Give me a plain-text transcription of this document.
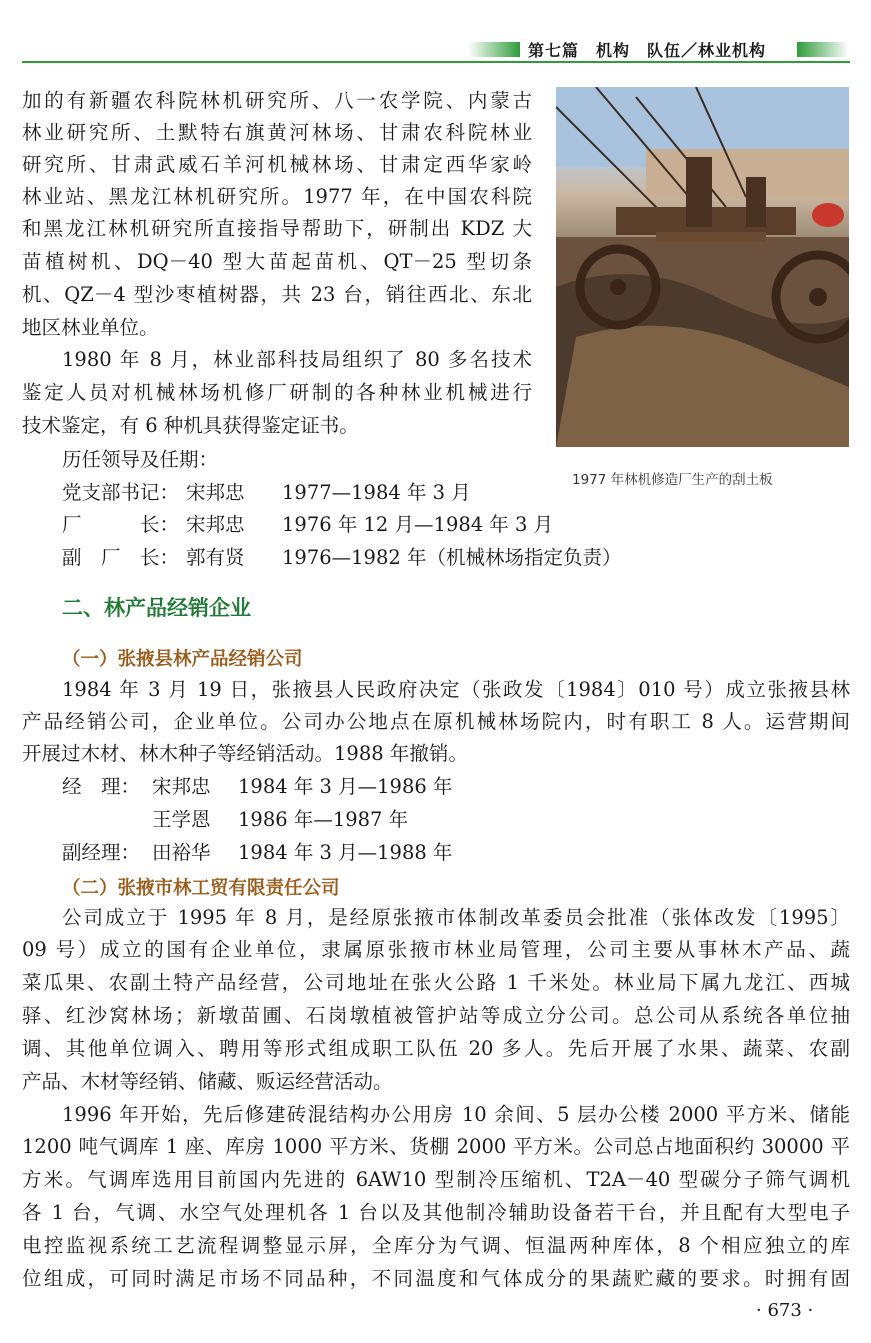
第七篇　机构　队伍／林业机构
加的有新疆农科院林机研究所、八一农学院、内蒙古
林业研究所、土默特右旗黄河林场、甘肃农科院林业
研究所、甘肃武威石羊河机械林场、甘肃定西华家岭
林业站、黑龙江林机研究所。1977 年，在中国农科院
和黑龙江林机研究所直接指导帮助下，研制出 KDZ 大
苗植树机、DQ－40 型大苗起苗机、QT－25 型切条
机、QZ－4 型沙枣植树器，共 23 台，销往西北、东北
地区林业单位。
1980 年 8 月，林业部科技局组织了 80 多名技术
鉴定人员对机械林场机修厂研制的各种林业机械进行
技术鉴定，有 6 种机具获得鉴定证书。
1977 年林机修造厂生产的刮土板
历任领导及任期：
党支部书记： 宋邦忠 1977—1984 年 3 月
厂　　　长： 宋邦忠 1976 年 12 月—1984 年 3 月
副　厂　长： 郭有贤 1976—1982 年（机械林场指定负责）
二、林产品经销企业
（一）张掖县林产品经销公司
1984 年 3 月 19 日，张掖县人民政府决定（张政发〔1984〕010 号）成立张掖县林
产品经销公司，企业单位。公司办公地点在原机械林场院内，时有职工 8 人。运营期间
开展过木材、林木种子等经销活动。1988 年撤销。
经　理： 宋邦忠 1984 年 3 月—1986 年
王学恩 1986 年—1987 年
副经理： 田裕华 1984 年 3 月—1988 年
（二）张掖市林工贸有限责任公司
公司成立于 1995 年 8 月，是经原张掖市体制改革委员会批准（张体改发〔1995〕
09 号）成立的国有企业单位，隶属原张掖市林业局管理，公司主要从事林木产品、蔬
菜瓜果、农副土特产品经营，公司地址在张火公路 1 千米处。林业局下属九龙江、西城
驿、红沙窝林场；新墩苗圃、石岗墩植被管护站等成立分公司。总公司从系统各单位抽
调、其他单位调入、聘用等形式组成职工队伍 20 多人。先后开展了水果、蔬菜、农副
产品、木材等经销、储藏、贩运经营活动。
1996 年开始，先后修建砖混结构办公用房 10 余间、5 层办公楼 2000 平方米、储能
1200 吨气调库 1 座、库房 1000 平方米、货棚 2000 平方米。公司总占地面积约 30000 平
方米。气调库选用目前国内先进的 6AW10 型制冷压缩机、T2A－40 型碳分子筛气调机
各 1 台，气调、水空气处理机各 1 台以及其他制冷辅助设备若干台，并且配有大型电子
电控监视系统工艺流程调整显示屏，全库分为气调、恒温两种库体，8 个相应独立的库
位组成，可同时满足市场不同品种，不同温度和气体成分的果蔬贮藏的要求。时拥有固
· 673 ·
